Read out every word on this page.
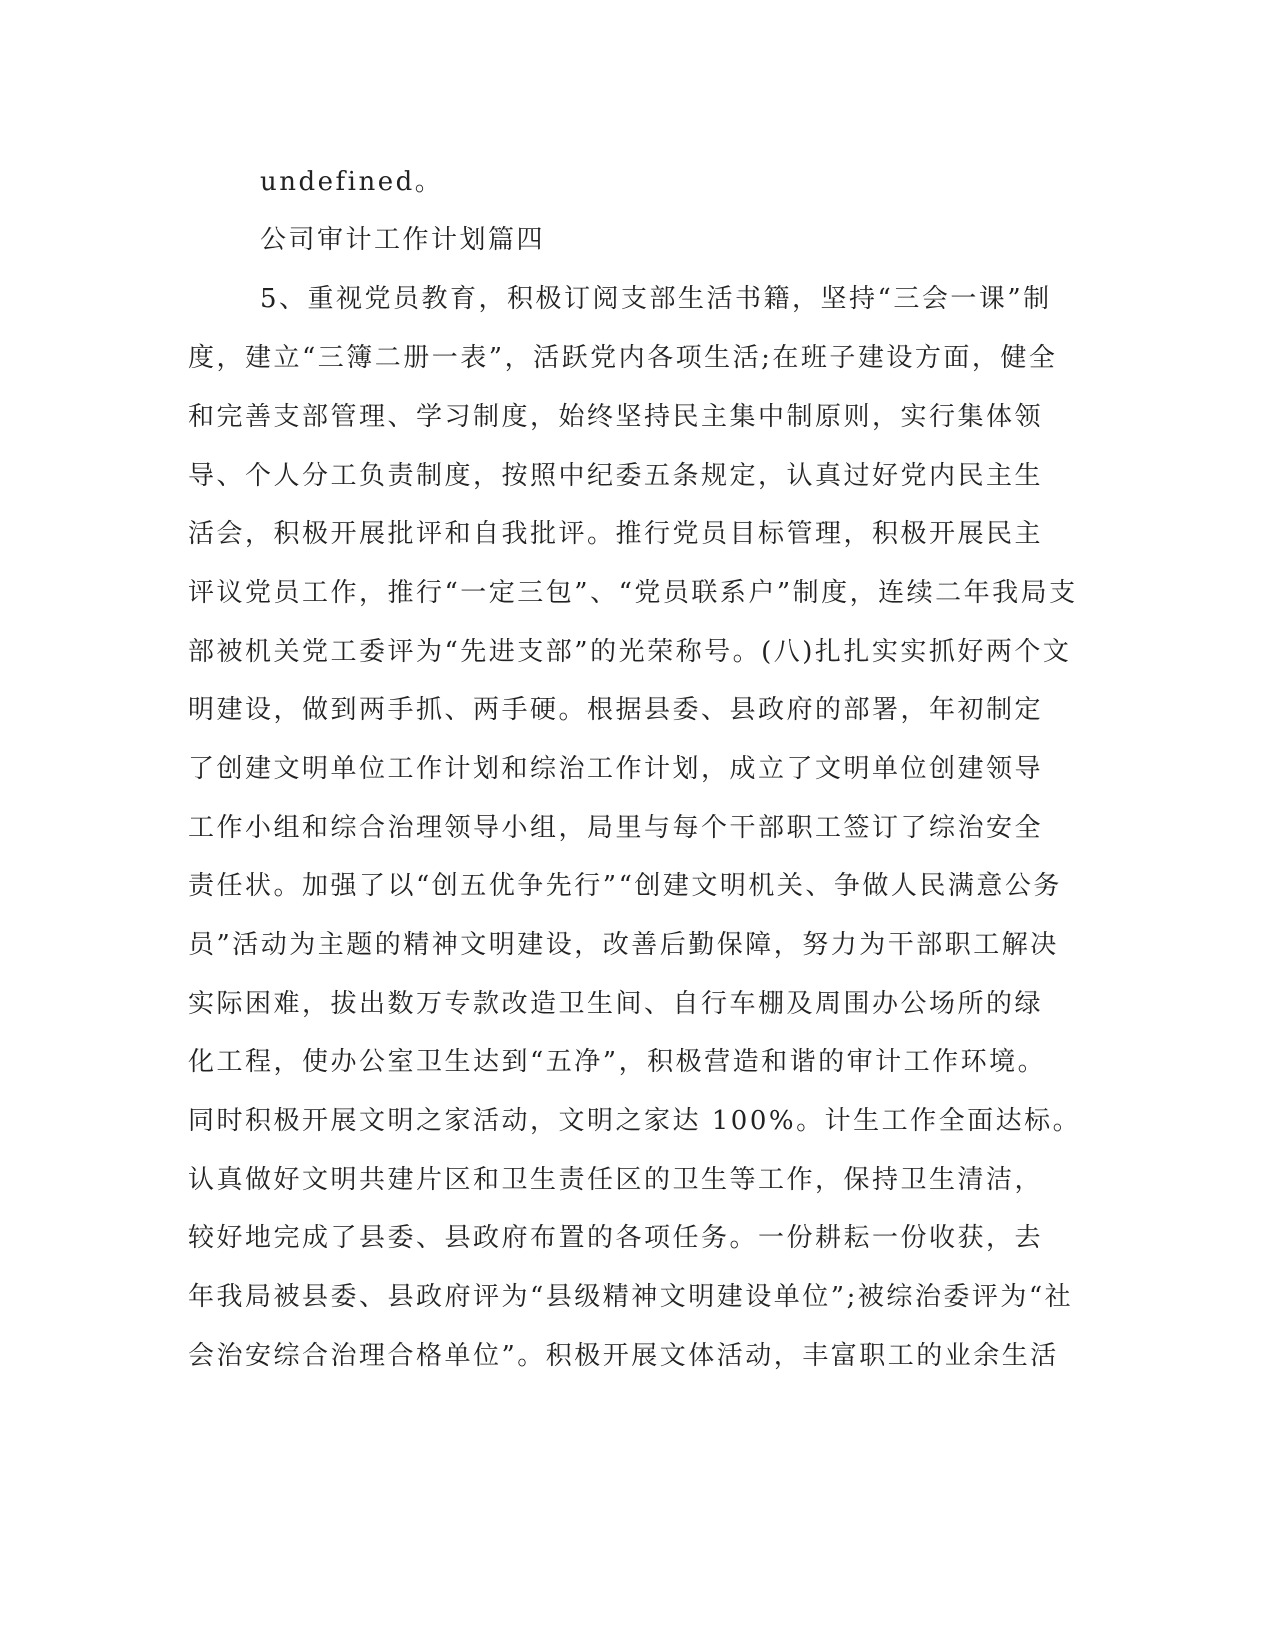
undefined。
公司审计工作计划篇四
5、重视党员教育，积极订阅支部生活书籍，坚持“三会一课”制
度，建立“三簿二册一表”，活跃党内各项生活;在班子建设方面，健全
和完善支部管理、学习制度，始终坚持民主集中制原则，实行集体领
导、个人分工负责制度，按照中纪委五条规定，认真过好党内民主生
活会，积极开展批评和自我批评。推行党员目标管理，积极开展民主
评议党员工作，推行“一定三包”、“党员联系户”制度，连续二年我局支
部被机关党工委评为“先进支部”的光荣称号。(八)扎扎实实抓好两个文
明建设，做到两手抓、两手硬。根据县委、县政府的部署，年初制定
了创建文明单位工作计划和综治工作计划，成立了文明单位创建领导
工作小组和综合治理领导小组，局里与每个干部职工签订了综治安全
责任状。加强了以“创五优争先行”“创建文明机关、争做人民满意公务
员”活动为主题的精神文明建设，改善后勤保障，努力为干部职工解决
实际困难，拔出数万专款改造卫生间、自行车棚及周围办公场所的绿
化工程，使办公室卫生达到“五净”，积极营造和谐的审计工作环境。
同时积极开展文明之家活动，文明之家达 100%。计生工作全面达标。
认真做好文明共建片区和卫生责任区的卫生等工作，保持卫生清洁，
较好地完成了县委、县政府布置的各项任务。一份耕耘一份收获，去
年我局被县委、县政府评为“县级精神文明建设单位”;被综治委评为“社
会治安综合治理合格单位”。积极开展文体活动，丰富职工的业余生活
